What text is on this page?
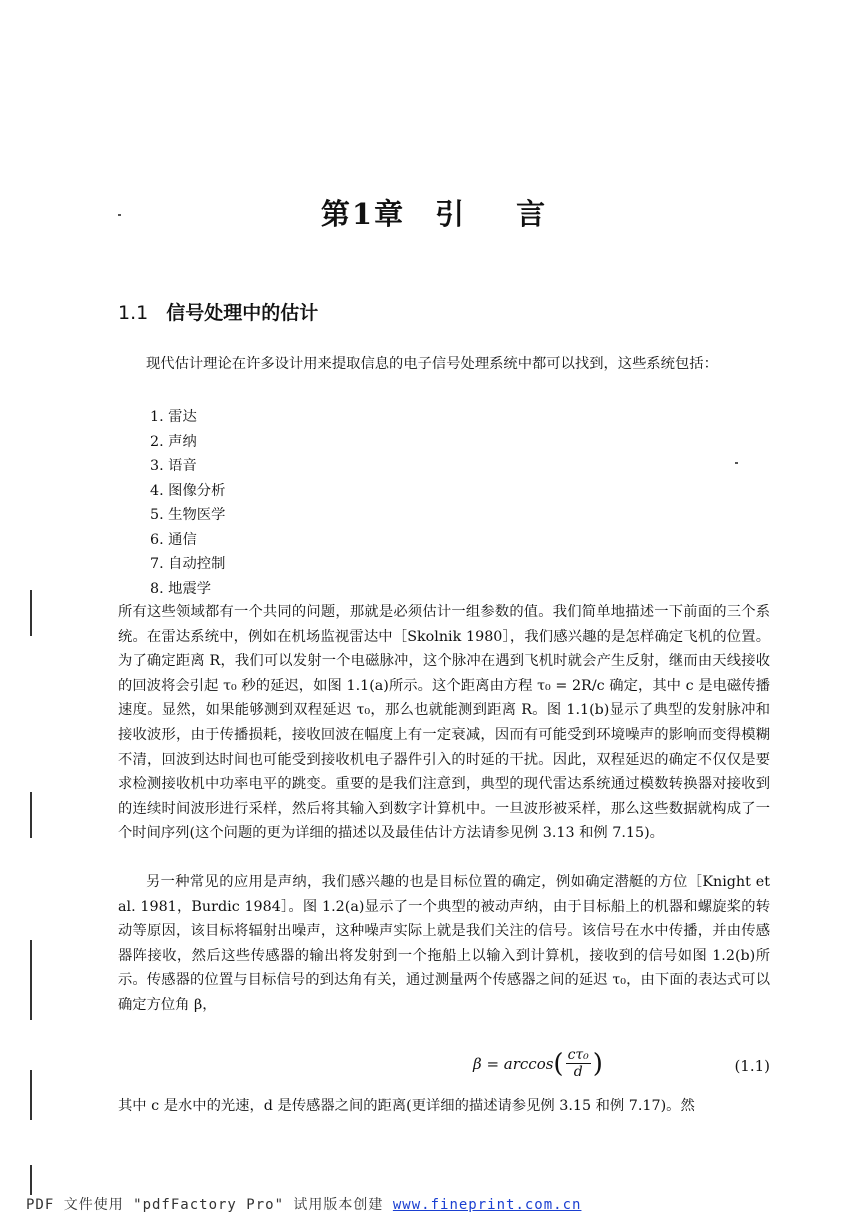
第1章 引 言
1.1 信号处理中的估计

现代估计理论在许多设计用来提取信息的电子信号处理系统中都可以找到，这些系统包括：

1. 雷达
2. 声纳
3. 语音
4. 图像分析
5. 生物医学
6. 通信
7. 自动控制
8. 地震学

所有这些领域都有一个共同的问题，那就是必须估计一组参数的值。我们简单地描述一下前面的三个系统。在雷达系统中，例如在机场监视雷达中［Skolnik 1980］，我们感兴趣的是怎样确定飞机的位置。为了确定距离 R，我们可以发射一个电磁脉冲，这个脉冲在遇到飞机时就会产生反射，继而由天线接收的回波将会引起 τ₀ 秒的延迟，如图 1.1(a)所示。这个距离由方程 τ₀ = 2R/c 确定，其中 c 是电磁传播速度。显然，如果能够测到双程延迟 τ₀，那么也就能测到距离 R。图 1.1(b)显示了典型的发射脉冲和接收波形，由于传播损耗，接收回波在幅度上有一定衰减，因而有可能受到环境噪声的影响而变得模糊不清，回波到达时间也可能受到接收机电子器件引入的时延的干扰。因此，双程延迟的确定不仅仅是要求检测接收机中功率电平的跳变。重要的是我们注意到，典型的现代雷达系统通过模数转换器对接收到的连续时间波形进行采样，然后将其输入到数字计算机中。一旦波形被采样，那么这些数据就构成了一个时间序列(这个问题的更为详细的描述以及最佳估计方法请参见例 3.13 和例 7.15)。

另一种常见的应用是声纳，我们感兴趣的也是目标位置的确定，例如确定潜艇的方位［Knight et al. 1981，Burdic 1984］。图 1.2(a)显示了一个典型的被动声纳，由于目标船上的机器和螺旋桨的转动等原因，该目标将辐射出噪声，这种噪声实际上就是我们关注的信号。该信号在水中传播，并由传感器阵接收，然后这些传感器的输出将发射到一个拖船上以输入到计算机，接收到的信号如图 1.2(b)所示。传感器的位置与目标信号的到达角有关，通过测量两个传感器之间的延迟 τ₀，由下面的表达式可以确定方位角 β，

β = arccos ( $\frac{\text{cτ₀}}{d}$ )	(1.1)

其中 c 是水中的光速，d 是传感器之间的距离(更详细的描述请参见例 3.15 和例 7.17)。然

PDF 文件使用 "pdfFactory Pro" 试用版本创建 www.fineprint.com.cn
